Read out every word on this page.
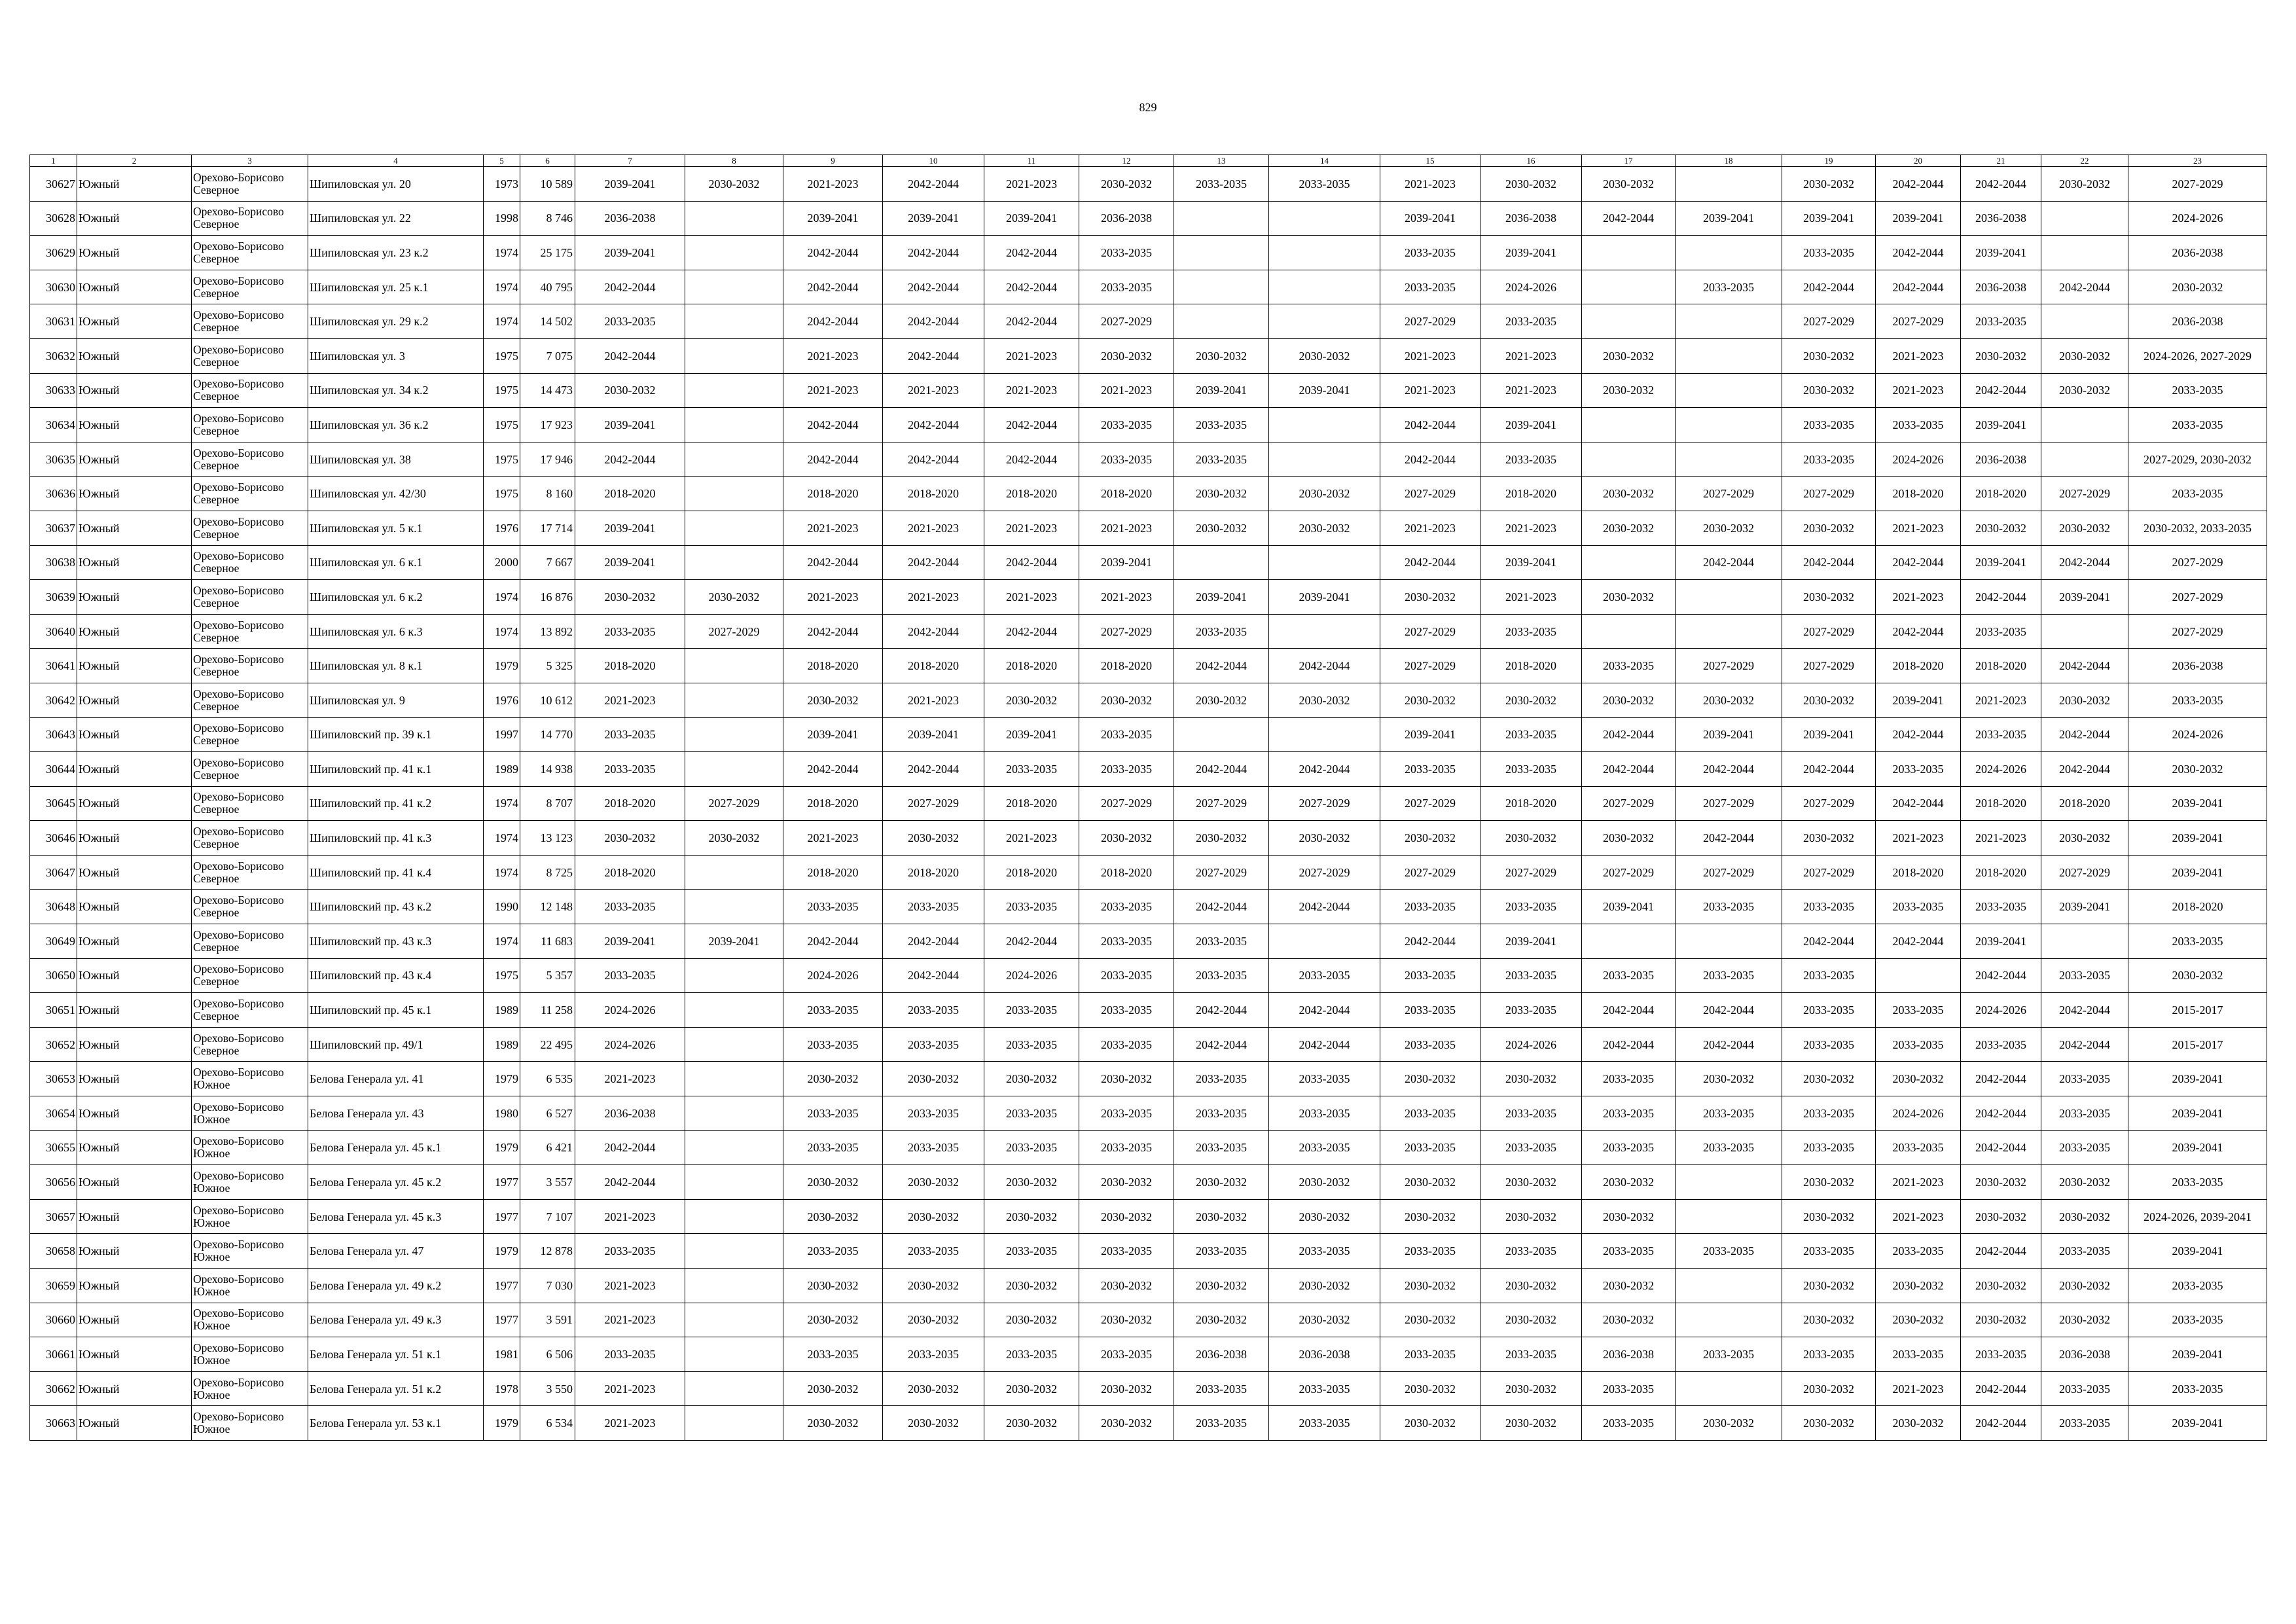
829
1	2	3	4	5	6	7	8	9	10	11	12	13	14	15	16	17	18	19	20	21	22	23
30627	Южный	Орехово-Борисово Северное	Шипиловская ул. 20	1973	10 589	2039-2041	2030-2032	2021-2023	2042-2044	2021-2023	2030-2032	2033-2035	2033-2035	2021-2023	2030-2032	2030-2032		2030-2032	2042-2044	2042-2044	2030-2032	2027-2029
30628	Южный	Орехово-Борисово Северное	Шипиловская ул. 22	1998	8 746	2036-2038		2039-2041	2039-2041	2039-2041	2036-2038			2039-2041	2036-2038	2042-2044	2039-2041	2039-2041	2039-2041	2036-2038		2024-2026
30629	Южный	Орехово-Борисово Северное	Шипиловская ул. 23 к.2	1974	25 175	2039-2041		2042-2044	2042-2044	2042-2044	2033-2035			2033-2035	2039-2041			2033-2035	2042-2044	2039-2041		2036-2038
30630	Южный	Орехово-Борисово Северное	Шипиловская ул. 25 к.1	1974	40 795	2042-2044		2042-2044	2042-2044	2042-2044	2033-2035			2033-2035	2024-2026		2033-2035	2042-2044	2042-2044	2036-2038	2042-2044	2030-2032
30631	Южный	Орехово-Борисово Северное	Шипиловская ул. 29 к.2	1974	14 502	2033-2035		2042-2044	2042-2044	2042-2044	2027-2029			2027-2029	2033-2035			2027-2029	2027-2029	2033-2035		2036-2038
30632	Южный	Орехово-Борисово Северное	Шипиловская ул. 3	1975	7 075	2042-2044		2021-2023	2042-2044	2021-2023	2030-2032	2030-2032	2030-2032	2021-2023	2021-2023	2030-2032		2030-2032	2021-2023	2030-2032	2030-2032	2024-2026, 2027-2029
30633	Южный	Орехово-Борисово Северное	Шипиловская ул. 34 к.2	1975	14 473	2030-2032		2021-2023	2021-2023	2021-2023	2021-2023	2039-2041	2039-2041	2021-2023	2021-2023	2030-2032		2030-2032	2021-2023	2042-2044	2030-2032	2033-2035
30634	Южный	Орехово-Борисово Северное	Шипиловская ул. 36 к.2	1975	17 923	2039-2041		2042-2044	2042-2044	2042-2044	2033-2035	2033-2035		2042-2044	2039-2041			2033-2035	2033-2035	2039-2041		2033-2035
30635	Южный	Орехово-Борисово Северное	Шипиловская ул. 38	1975	17 946	2042-2044		2042-2044	2042-2044	2042-2044	2033-2035	2033-2035		2042-2044	2033-2035			2033-2035	2024-2026	2036-2038		2027-2029, 2030-2032
30636	Южный	Орехово-Борисово Северное	Шипиловская ул. 42/30	1975	8 160	2018-2020		2018-2020	2018-2020	2018-2020	2018-2020	2030-2032	2030-2032	2027-2029	2018-2020	2030-2032	2027-2029	2027-2029	2018-2020	2018-2020	2027-2029	2033-2035
30637	Южный	Орехово-Борисово Северное	Шипиловская ул. 5 к.1	1976	17 714	2039-2041		2021-2023	2021-2023	2021-2023	2021-2023	2030-2032	2030-2032	2021-2023	2021-2023	2030-2032	2030-2032	2030-2032	2021-2023	2030-2032	2030-2032	2030-2032, 2033-2035
30638	Южный	Орехово-Борисово Северное	Шипиловская ул. 6 к.1	2000	7 667	2039-2041		2042-2044	2042-2044	2042-2044	2039-2041			2042-2044	2039-2041		2042-2044	2042-2044	2042-2044	2039-2041	2042-2044	2027-2029
30639	Южный	Орехово-Борисово Северное	Шипиловская ул. 6 к.2	1974	16 876	2030-2032	2030-2032	2021-2023	2021-2023	2021-2023	2021-2023	2039-2041	2039-2041	2030-2032	2021-2023	2030-2032		2030-2032	2021-2023	2042-2044	2039-2041	2027-2029
30640	Южный	Орехово-Борисово Северное	Шипиловская ул. 6 к.3	1974	13 892	2033-2035	2027-2029	2042-2044	2042-2044	2042-2044	2027-2029	2033-2035		2027-2029	2033-2035			2027-2029	2042-2044	2033-2035		2027-2029
30641	Южный	Орехово-Борисово Северное	Шипиловская ул. 8 к.1	1979	5 325	2018-2020		2018-2020	2018-2020	2018-2020	2018-2020	2042-2044	2042-2044	2027-2029	2018-2020	2033-2035	2027-2029	2027-2029	2018-2020	2018-2020	2042-2044	2036-2038
30642	Южный	Орехово-Борисово Северное	Шипиловская ул. 9	1976	10 612	2021-2023		2030-2032	2021-2023	2030-2032	2030-2032	2030-2032	2030-2032	2030-2032	2030-2032	2030-2032	2030-2032	2030-2032	2039-2041	2021-2023	2030-2032	2033-2035
30643	Южный	Орехово-Борисово Северное	Шипиловский пр. 39 к.1	1997	14 770	2033-2035		2039-2041	2039-2041	2039-2041	2033-2035			2039-2041	2033-2035	2042-2044	2039-2041	2039-2041	2042-2044	2033-2035	2042-2044	2024-2026
30644	Южный	Орехово-Борисово Северное	Шипиловский пр. 41 к.1	1989	14 938	2033-2035		2042-2044	2042-2044	2033-2035	2033-2035	2042-2044	2042-2044	2033-2035	2033-2035	2042-2044	2042-2044	2042-2044	2033-2035	2024-2026	2042-2044	2030-2032
30645	Южный	Орехово-Борисово Северное	Шипиловский пр. 41 к.2	1974	8 707	2018-2020	2027-2029	2018-2020	2027-2029	2018-2020	2027-2029	2027-2029	2027-2029	2027-2029	2018-2020	2027-2029	2027-2029	2027-2029	2042-2044	2018-2020	2018-2020	2039-2041
30646	Южный	Орехово-Борисово Северное	Шипиловский пр. 41 к.3	1974	13 123	2030-2032	2030-2032	2021-2023	2030-2032	2021-2023	2030-2032	2030-2032	2030-2032	2030-2032	2030-2032	2030-2032	2042-2044	2030-2032	2021-2023	2021-2023	2030-2032	2039-2041
30647	Южный	Орехово-Борисово Северное	Шипиловский пр. 41 к.4	1974	8 725	2018-2020		2018-2020	2018-2020	2018-2020	2018-2020	2027-2029	2027-2029	2027-2029	2027-2029	2027-2029	2027-2029	2027-2029	2018-2020	2018-2020	2027-2029	2039-2041
30648	Южный	Орехово-Борисово Северное	Шипиловский пр. 43 к.2	1990	12 148	2033-2035		2033-2035	2033-2035	2033-2035	2033-2035	2042-2044	2042-2044	2033-2035	2033-2035	2039-2041	2033-2035	2033-2035	2033-2035	2033-2035	2039-2041	2018-2020
30649	Южный	Орехово-Борисово Северное	Шипиловский пр. 43 к.3	1974	11 683	2039-2041	2039-2041	2042-2044	2042-2044	2042-2044	2033-2035	2033-2035		2042-2044	2039-2041			2042-2044	2042-2044	2039-2041		2033-2035
30650	Южный	Орехово-Борисово Северное	Шипиловский пр. 43 к.4	1975	5 357	2033-2035		2024-2026	2042-2044	2024-2026	2033-2035	2033-2035	2033-2035	2033-2035	2033-2035	2033-2035	2033-2035	2033-2035		2042-2044	2033-2035	2030-2032
30651	Южный	Орехово-Борисово Северное	Шипиловский пр. 45 к.1	1989	11 258	2024-2026		2033-2035	2033-2035	2033-2035	2033-2035	2042-2044	2042-2044	2033-2035	2033-2035	2042-2044	2042-2044	2033-2035	2033-2035	2024-2026	2042-2044	2015-2017
30652	Южный	Орехово-Борисово Северное	Шипиловский пр. 49/1	1989	22 495	2024-2026		2033-2035	2033-2035	2033-2035	2033-2035	2042-2044	2042-2044	2033-2035	2024-2026	2042-2044	2042-2044	2033-2035	2033-2035	2033-2035	2042-2044	2015-2017
30653	Южный	Орехово-Борисово Южное	Белова Генерала ул. 41	1979	6 535	2021-2023		2030-2032	2030-2032	2030-2032	2030-2032	2033-2035	2033-2035	2030-2032	2030-2032	2033-2035	2030-2032	2030-2032	2030-2032	2042-2044	2033-2035	2039-2041
30654	Южный	Орехово-Борисово Южное	Белова Генерала ул. 43	1980	6 527	2036-2038		2033-2035	2033-2035	2033-2035	2033-2035	2033-2035	2033-2035	2033-2035	2033-2035	2033-2035	2033-2035	2033-2035	2024-2026	2042-2044	2033-2035	2039-2041
30655	Южный	Орехово-Борисово Южное	Белова Генерала ул. 45 к.1	1979	6 421	2042-2044		2033-2035	2033-2035	2033-2035	2033-2035	2033-2035	2033-2035	2033-2035	2033-2035	2033-2035	2033-2035	2033-2035	2033-2035	2042-2044	2033-2035	2039-2041
30656	Южный	Орехово-Борисово Южное	Белова Генерала ул. 45 к.2	1977	3 557	2042-2044		2030-2032	2030-2032	2030-2032	2030-2032	2030-2032	2030-2032	2030-2032	2030-2032	2030-2032		2030-2032	2021-2023	2030-2032	2030-2032	2033-2035
30657	Южный	Орехово-Борисово Южное	Белова Генерала ул. 45 к.3	1977	7 107	2021-2023		2030-2032	2030-2032	2030-2032	2030-2032	2030-2032	2030-2032	2030-2032	2030-2032	2030-2032		2030-2032	2021-2023	2030-2032	2030-2032	2024-2026, 2039-2041
30658	Южный	Орехово-Борисово Южное	Белова Генерала ул. 47	1979	12 878	2033-2035		2033-2035	2033-2035	2033-2035	2033-2035	2033-2035	2033-2035	2033-2035	2033-2035	2033-2035	2033-2035	2033-2035	2033-2035	2042-2044	2033-2035	2039-2041
30659	Южный	Орехово-Борисово Южное	Белова Генерала ул. 49 к.2	1977	7 030	2021-2023		2030-2032	2030-2032	2030-2032	2030-2032	2030-2032	2030-2032	2030-2032	2030-2032	2030-2032		2030-2032	2030-2032	2030-2032	2030-2032	2033-2035
30660	Южный	Орехово-Борисово Южное	Белова Генерала ул. 49 к.3	1977	3 591	2021-2023		2030-2032	2030-2032	2030-2032	2030-2032	2030-2032	2030-2032	2030-2032	2030-2032	2030-2032		2030-2032	2030-2032	2030-2032	2030-2032	2033-2035
30661	Южный	Орехово-Борисово Южное	Белова Генерала ул. 51 к.1	1981	6 506	2033-2035		2033-2035	2033-2035	2033-2035	2033-2035	2036-2038	2036-2038	2033-2035	2033-2035	2036-2038	2033-2035	2033-2035	2033-2035	2033-2035	2036-2038	2039-2041
30662	Южный	Орехово-Борисово Южное	Белова Генерала ул. 51 к.2	1978	3 550	2021-2023		2030-2032	2030-2032	2030-2032	2030-2032	2033-2035	2033-2035	2030-2032	2030-2032	2033-2035		2030-2032	2021-2023	2042-2044	2033-2035	2033-2035
30663	Южный	Орехово-Борисово Южное	Белова Генерала ул. 53 к.1	1979	6 534	2021-2023		2030-2032	2030-2032	2030-2032	2030-2032	2033-2035	2033-2035	2030-2032	2030-2032	2033-2035	2030-2032	2030-2032	2030-2032	2042-2044	2033-2035	2039-2041
